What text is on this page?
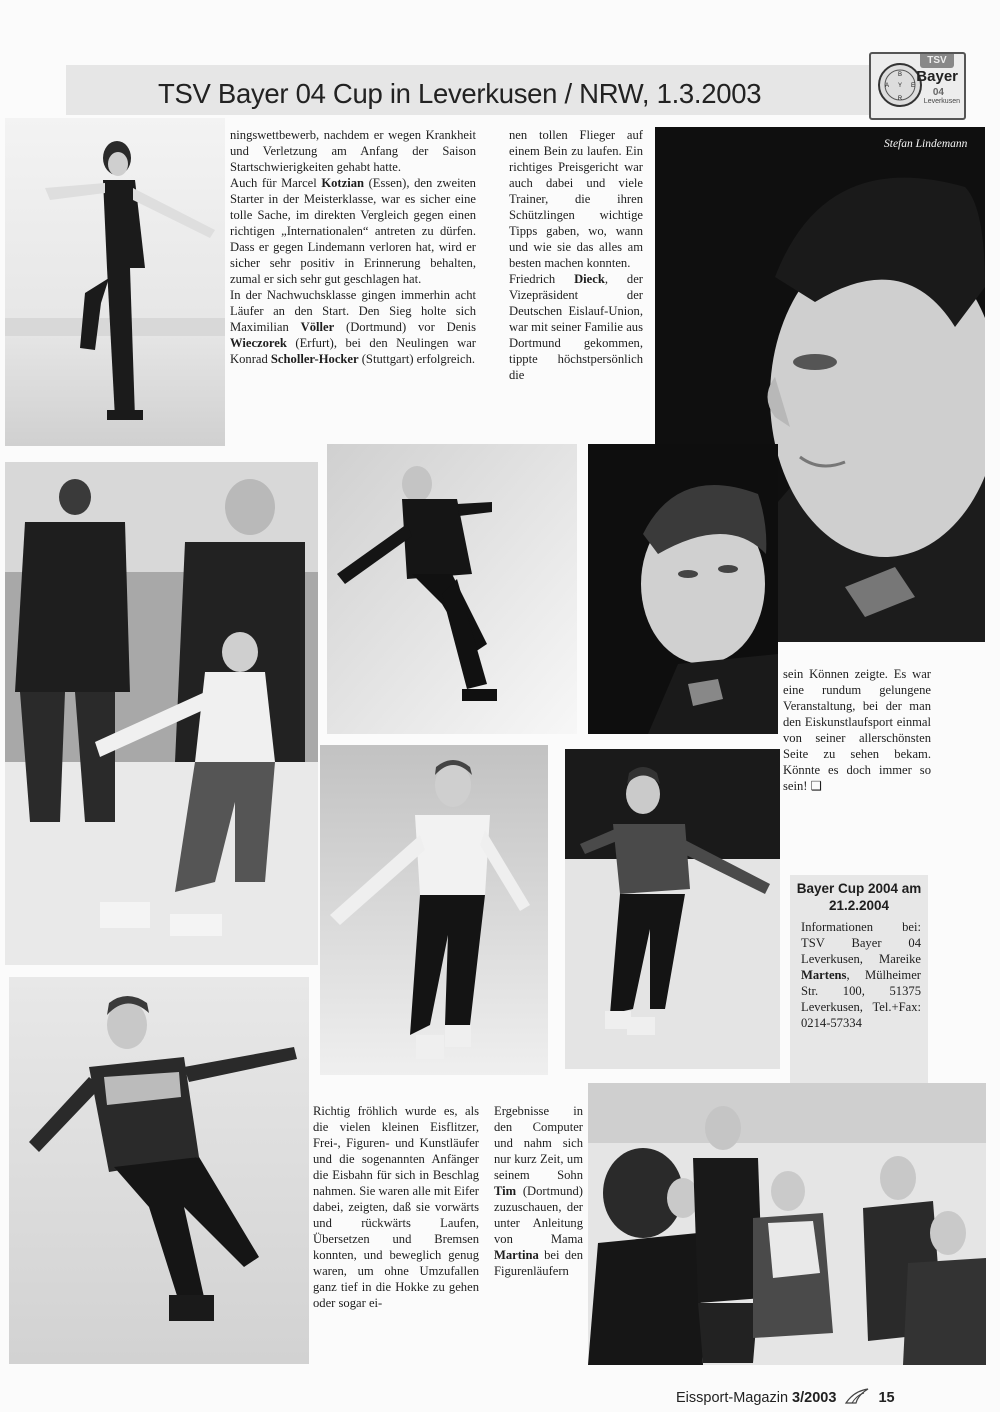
TSV Bayer 04 Cup in Leverkusen / NRW, 1.3.2003
B
R
A	E
Y
TSV
Bayer
04
Leverkusen

ningswettbewerb, nachdem er wegen Krankheit und Verletzung am Anfang der Saison Startschwierigkeiten gehabt hatte.

Auch für Marcel Kotzian (Essen), den zweiten Starter in der Meisterklasse, war es sicher eine tolle Sache, im direkten Vergleich gegen einen richtigen „Internationalen“ antreten zu dürfen. Dass er gegen Lindemann verloren hat, wird er sicher sehr positiv in Erinnerung behalten, zumal er sich sehr gut geschlagen hat.

In der Nachwuchsklasse gingen immerhin acht Läufer an den Start. Den Sieg holte sich Maximilian Völler (Dortmund) vor Denis Wieczorek (Erfurt), bei den Neulingen war Konrad Scholler-Hocker (Stuttgart) erfolgreich.

nen tollen Flieger auf einem Bein zu laufen. Ein richtiges Preisgericht war auch dabei und viele Trainer, die ihren Schützlingen wichtige Tipps gaben, wo, wann und wie sie das alles am besten machen konnten.

Friedrich Dieck, der Vizepräsident der Deutschen Eislauf-Union, war mit seiner Familie aus Dortmund gekommen, tippte höchstpersönlich die

Stefan Lindemann

sein Können zeigte. Es war eine rundum gelungene Veranstaltung, bei der man den Eiskunstlaufsport einmal von seiner allerschönsten Seite zu sehen bekam. Könnte es doch immer so sein! ❑

Bayer Cup 2004 am 21.2.2004
Informationen bei: TSV Bayer 04 Leverkusen, Mareike Martens, Mülheimer Str. 100, 51375 Leverkusen, Tel.+Fax: 0214-57334

Richtig fröhlich wurde es, als die vielen kleinen Eisflitzer, Frei-, Figuren- und Kunstläufer und die sogenannten Anfänger die Eisbahn für sich in Beschlag nahmen. Sie waren alle mit Eifer dabei, zeigten, daß sie vorwärts und rückwärts Laufen, Übersetzen und Bremsen konnten, und beweglich genug waren, um ohne Umzufallen ganz tief in die Hokke zu gehen oder sogar ei-

Ergebnisse in den Computer und nahm sich nur kurz Zeit, um seinem Sohn Tim (Dortmund) zuzuschauen, der unter Anleitung von Mama Martina bei den Figurenläufern

Eissport-Magazin 3/2003	15
